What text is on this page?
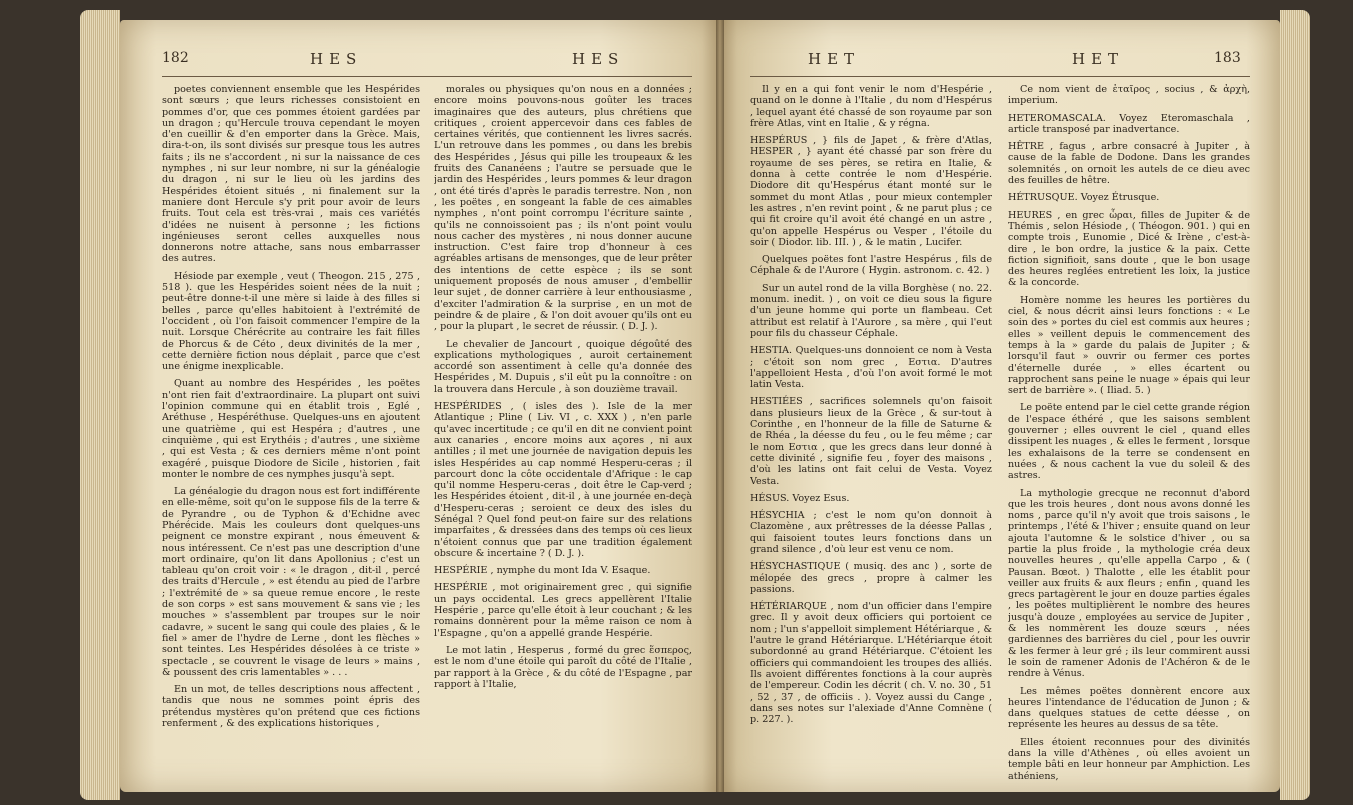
182	HES	HES

poetes conviennent ensemble que les Hespérides sont sœurs ; que leurs richesses consistoient en pommes d'or, que ces pommes étoient gardées par un dragon ; qu'Hercule trouva cependant le moyen d'en cueillir & d'en emporter dans la Grèce. Mais, dira-t-on, ils sont divisés sur presque tous les autres faits ; ils ne s'accordent , ni sur la naissance de ces nymphes , ni sur leur nombre, ni sur la généalogie du dragon , ni sur le lieu où les jardins des Hespérides étoient situés , ni finalement sur la maniere dont Hercule s'y prit pour avoir de leurs fruits. Tout cela est très-vrai , mais ces variétés d'idées ne nuisent à personne ; les fictions ingénieuses seront celles auxquelles nous donnerons notre attache, sans nous embarrasser des autres.

Hésiode par exemple , veut ( Theogon. 215 , 275 , 518 ). que les Hespérides soient nées de la nuit ; peut-être donne-t-il une mère si laide à des filles si belles , parce qu'elles habitoient à l'extrémité de l'occident , où l'on faisoit commencer l'empire de la nuit. Lorsque Chérécrite au contraire les fait filles de Phorcus & de Céto , deux divinités de la mer , cette dernière fiction nous déplait , parce que c'est une énigme inexplicable.

Quant au nombre des Hespérides , les poëtes n'ont rien fait d'extraordinaire. La plupart ont suivi l'opinion commune qui en établit trois , Eglé , Aréthuse , Hespéréthuse. Quelques-uns en ajoutent une quatrième , qui est Hespéra ; d'autres , une cinquième , qui est Erythéis ; d'autres , une sixième , qui est Vesta ; & ces derniers même n'ont point exagéré , puisque Diodore de Sicile , historien , fait monter le nombre de ces nymphes jusqu'à sept.

La généalogie du dragon nous est fort indifférente en elle-même, soit qu'on le suppose fils de la terre & de Pyrandre , ou de Typhon & d'Echidne avec Phérécide. Mais les couleurs dont quelques-uns peignent ce monstre expirant , nous émeuvent & nous intéressent. Ce n'est pas une description d'une mort ordinaire, qu'on lit dans Apollonius ; c'est un tableau qu'on croit voir : « le dragon , dit-il , percé des traits d'Hercule , » est étendu au pied de l'arbre ; l'extrémité de » sa queue remue encore , le reste de son corps » est sans mouvement & sans vie ; les mouches » s'assemblent par troupes sur le noir cadavre, » sucent le sang qui coule des plaies , & le fiel » amer de l'hydre de Lerne , dont les flèches » sont teintes. Les Hespérides désolées à ce triste » spectacle , se couvrent le visage de leurs » mains , & poussent des cris lamentables » . . .

En un mot, de telles descriptions nous affectent , tandis que nous ne sommes point épris des prétendus mystères qu'on prétend que ces fictions renferment , & des explications historiques ,

morales ou physiques qu'on nous en a données ; encore moins pouvons-nous goûter les traces imaginaires que des auteurs, plus chrétiens que critiques , croient appercevoir dans ces fables de certaines vérités, que contiennent les livres sacrés. L'un retrouve dans les pommes , ou dans les brebis des Hespérides , Jésus qui pille les troupeaux & les fruits des Cananéens ; l'autre se persuade que le jardin des Hespérides , leurs pommes & leur dragon , ont été tirés d'après le paradis terrestre. Non , non , les poëtes , en songeant la fable de ces aimables nymphes , n'ont point corrompu l'écriture sainte , qu'ils ne connoissoient pas ; ils n'ont point voulu nous cacher des mystères , ni nous donner aucune instruction. C'est faire trop d'honneur à ces agréables artisans de mensonges, que de leur prêter des intentions de cette espèce ; ils se sont uniquement proposés de nous amuser , d'embellir leur sujet , de donner carrière à leur enthousiasme , d'exciter l'admiration & la surprise , en un mot de peindre & de plaire , & l'on doit avouer qu'ils ont eu , pour la plupart , le secret de réussir. ( D. J. ).

Le chevalier de Jancourt , quoique dégoûté des explications mythologiques , auroit certainement accordé son assentiment à celle qu'a donnée des Hespérides , M. Dupuis , s'il eût pu la connoître : on la trouvera dans Hercule , à son douzième travail.

HESPÉRIDES , ( isles des ). Isle de la mer Atlantique ; Pline ( Liv. VI , c. XXX ) , n'en parle qu'avec incertitude ; ce qu'il en dit ne convient point aux canaries , encore moins aux açores , ni aux antilles ; il met une journée de navigation depuis les isles Hespérides au cap nommé Hesperu-ceras ; il parcourt donc la côte occidentale d'Afrique : le cap qu'il nomme Hesperu-ceras , doit être le Cap-verd ; les Hespérides étoient , dit-il , à une journée en-deçà d'Hesperu-ceras ; seroient ce deux des isles du Sénégal ? Quel fond peut-on faire sur des relations imparfaites , & dressées dans des temps où ces lieux n'étoient connus que par une tradition également obscure & incertaine ? ( D. J. ).

HESPÉRIE , nymphe du mont Ida V. Esaque.

HESPÉRIE , mot originairement grec , qui signifie un pays occidental. Les grecs appellèrent l'Italie Hespérie , parce qu'elle étoit à leur couchant ; & les romains donnèrent pour la même raison ce nom à l'Espagne , qu'on a appellé grande Hespérie.

Le mot latin , Hesperus , formé du grec ἕσπερος, est le nom d'une étoile qui paroît du côté de l'Italie , par rapport à la Grèce , & du côté de l'Espagne , par rapport à l'Italie,

HET	HET	183

Il y en a qui font venir le nom d'Hespérie , quand on le donne à l'Italie , du nom d'Hespérus , lequel ayant été chassé de son royaume par son frère Atlas, vint en Italie , & y régna.

HESPÉRUS , } fils de Japet , & frère d'Atlas, HESPER , } ayant été chassé par son frère du royaume de ses pères, se retira en Italie, & donna à cette contrée le nom d'Hespérie. Diodore dit qu'Hespérus étant monté sur le sommet du mont Atlas , pour mieux contempler les astres , n'en revint point , & ne parut plus ; ce qui fit croire qu'il avoit été changé en un astre , qu'on appelle Hespérus ou Vesper , l'étoile du soir ( Diodor. lib. III. ) , & le matin , Lucifer.

Quelques poëtes font l'astre Hespérus , fils de Céphale & de l'Aurore ( Hygin. astronom. c. 42. )

Sur un autel rond de la villa Borghèse ( no. 22. monum. inedit. ) , on voit ce dieu sous la figure d'un jeune homme qui porte un flambeau. Cet attribut est relatif à l'Aurore , sa mère , qui l'eut pour fils du chasseur Céphale.

HESTIA. Quelques-uns donnoient ce nom à Vesta ; c'étoit son nom grec , Εστια. D'autres l'appelloient Hesta , d'où l'on avoit formé le mot latin Vesta.

HESTIÉES , sacrifices solemnels qu'on faisoit dans plusieurs lieux de la Grèce , & sur-tout à Corinthe , en l'honneur de la fille de Saturne & de Rhéa , la déesse du feu , ou le feu même ; car le nom Εστια , que les grecs dans leur donné à cette divinité , signifie feu , foyer des maisons , d'où les latins ont fait celui de Vesta. Voyez Vesta.

HÉSUS. Voyez Esus.

HÉSYCHIA ; c'est le nom qu'on donnoit à Clazomène , aux prêtresses de la déesse Pallas , qui faisoient toutes leurs fonctions dans un grand silence , d'où leur est venu ce nom.

HÉSYCHASTIQUE ( musiq. des anc ) , sorte de mélopée des grecs , propre à calmer les passions.

HÉTÉRIARQUE , nom d'un officier dans l'empire grec. Il y avoit deux officiers qui portoient ce nom ; l'un s'appelloit simplement Hétériarque , & l'autre le grand Hétériarque. L'Hétériarque étoit subordonné au grand Hétériarque. C'étoient les officiers qui commandoient les troupes des alliés. Ils avoient différentes fonctions à la cour auprès de l'empereur. Codin les décrit ( ch. V. no. 30 , 51 , 52 , 37 , de officiis . ). Voyez aussi du Cange , dans ses notes sur l'alexiade d'Anne Comnène ( p. 227. ).

Ce nom vient de ἑταῖρος , socius , & ἀρχὴ, imperium.

HETEROMASCALA. Voyez Eteromaschala , article transposé par inadvertance.

HÊTRE , fagus , arbre consacré à Jupiter , à cause de la fable de Dodone. Dans les grandes solemnités , on ornoit les autels de ce dieu avec des feuilles de hêtre.

HÉTRUSQUE. Voyez Étrusque.

HEURES , en grec ὧραι, filles de Jupiter & de Thémis , selon Hésiode , ( Théogon. 901. ) qui en compte trois , Eunomie , Dicé & Irène , c'est-à-dire , le bon ordre, la justice & la paix. Cette fiction signifioit, sans doute , que le bon usage des heures reglées entretient les loix, la justice & la concorde.

Homère nomme les heures les portières du ciel, & nous décrit ainsi leurs fonctions : « Le soin des » portes du ciel est commis aux heures ; elles » veillent depuis le commencement des temps à la » garde du palais de Jupiter ; & lorsqu'il faut » ouvrir ou fermer ces portes d'éternelle durée , » elles écartent ou rapprochent sans peine le nuage » épais qui leur sert de barrière ». ( Iliad. 5. )

Le poëte entend par le ciel cette grande région de l'espace éthéré , que les saisons semblent gouverner ; elles ouvrent le ciel , quand elles dissipent les nuages , & elles le ferment , lorsque les exhalaisons de la terre se condensent en nuées , & nous cachent la vue du soleil & des astres.

La mythologie grecque ne reconnut d'abord que les trois heures , dont nous avons donné les noms , parce qu'il n'y avoit que trois saisons , le printemps , l'été & l'hiver ; ensuite quand on leur ajouta l'automne & le solstice d'hiver , ou sa partie la plus froide , la mythologie créa deux nouvelles heures , qu'elle appella Carpo , & ( Pausan. Bœot. ) Thalotte , elle les établit pour veiller aux fruits & aux fleurs ; enfin , quand les grecs partagèrent le jour en douze parties égales , les poëtes multiplièrent le nombre des heures jusqu'à douze , employées au service de Jupiter , & les nommèrent les douze sœurs , nées gardiennes des barrières du ciel , pour les ouvrir & les fermer à leur gré ; ils leur commirent aussi le soin de ramener Adonis de l'Achéron & de le rendre à Vénus.

Les mêmes poëtes donnèrent encore aux heures l'intendance de l'éducation de Junon ; & dans quelques statues de cette déesse , on représente les heures au dessus de sa tête.

Elles étoient reconnues pour des divinités dans la ville d'Athènes , où elles avoient un temple bâti en leur honneur par Amphiction. Les athéniens,
